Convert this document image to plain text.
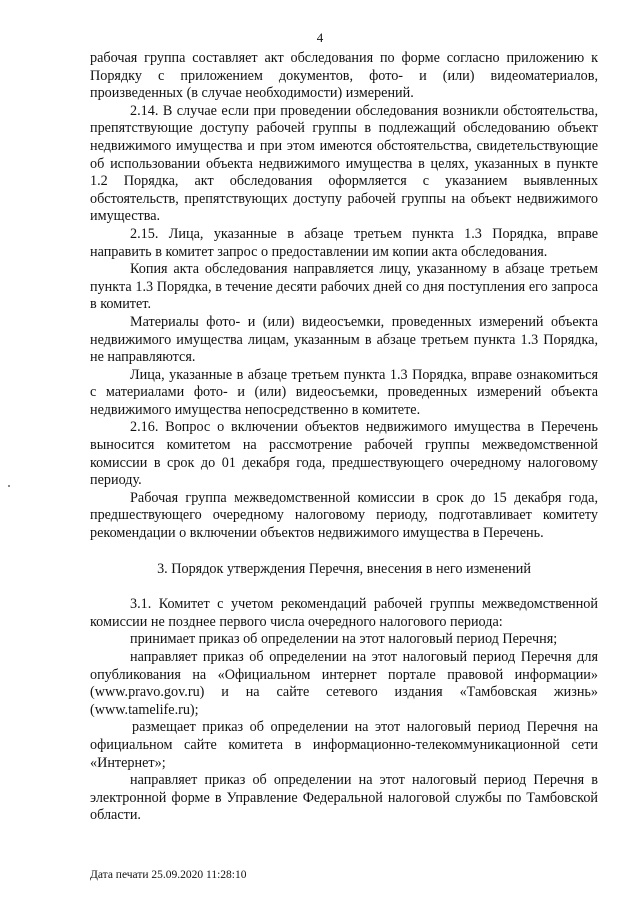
4

рабочая группа составляет акт обследования по форме согласно приложению к Порядку с приложением документов, фото- и (или) видеоматериалов, произведенных (в случае необходимости) измерений.

2.14. В случае если при проведении обследования возникли обстоятельства, препятствующие доступу рабочей группы в подлежащий обследованию объект недвижимого имущества и при этом имеются обстоятельства, свидетельствующие об использовании объекта недвижимого имущества в целях, указанных в пункте 1.2 Порядка, акт обследования оформляется с указанием выявленных обстоятельств, препятствующих доступу рабочей группы на объект недвижимого имущества.

2.15. Лица, указанные в абзаце третьем пункта 1.3 Порядка, вправе направить в комитет запрос о предоставлении им копии акта обследования.

Копия акта обследования направляется лицу, указанному в абзаце третьем пункта 1.3 Порядка, в течение десяти рабочих дней со дня поступления его запроса в комитет.

Материалы фото- и (или) видеосъемки, проведенных измерений объекта недвижимого имущества лицам, указанным в абзаце третьем пункта 1.3 Порядка, не направляются.

Лица, указанные в абзаце третьем пункта 1.3 Порядка, вправе ознакомиться с материалами фото- и (или) видеосъемки, проведенных измерений объекта недвижимого имущества непосредственно в комитете.

2.16. Вопрос о включении объектов недвижимого имущества в Перечень выносится комитетом на рассмотрение рабочей группы межведомственной комиссии в срок до 01 декабря года, предшествующего очередному налоговому периоду.

Рабочая группа межведомственной комиссии в срок до 15 декабря года, предшествующего очередному налоговому периоду, подготавливает комитету рекомендации о включении объектов недвижимого имущества в Перечень.

3. Порядок утверждения Перечня, внесения в него изменений

3.1. Комитет с учетом рекомендаций рабочей группы межведомственной комиссии не позднее первого числа очередного налогового периода:

принимает приказ об определении на этот налоговый период Перечня;

направляет приказ об определении на этот налоговый период Перечня для опубликования на «Официальном интернет портале правовой информации» (www.pravo.gov.ru) и на сайте сетевого издания «Тамбовская жизнь» (www.tamelife.ru);

размещает приказ об определении на этот налоговый период Перечня на официальном сайте комитета в информационно-телекоммуникационной сети «Интернет»;

направляет приказ об определении на этот налоговый период Перечня в электронной форме в Управление Федеральной налоговой службы по Тамбовской области.

Дата печати 25.09.2020 11:28:10
